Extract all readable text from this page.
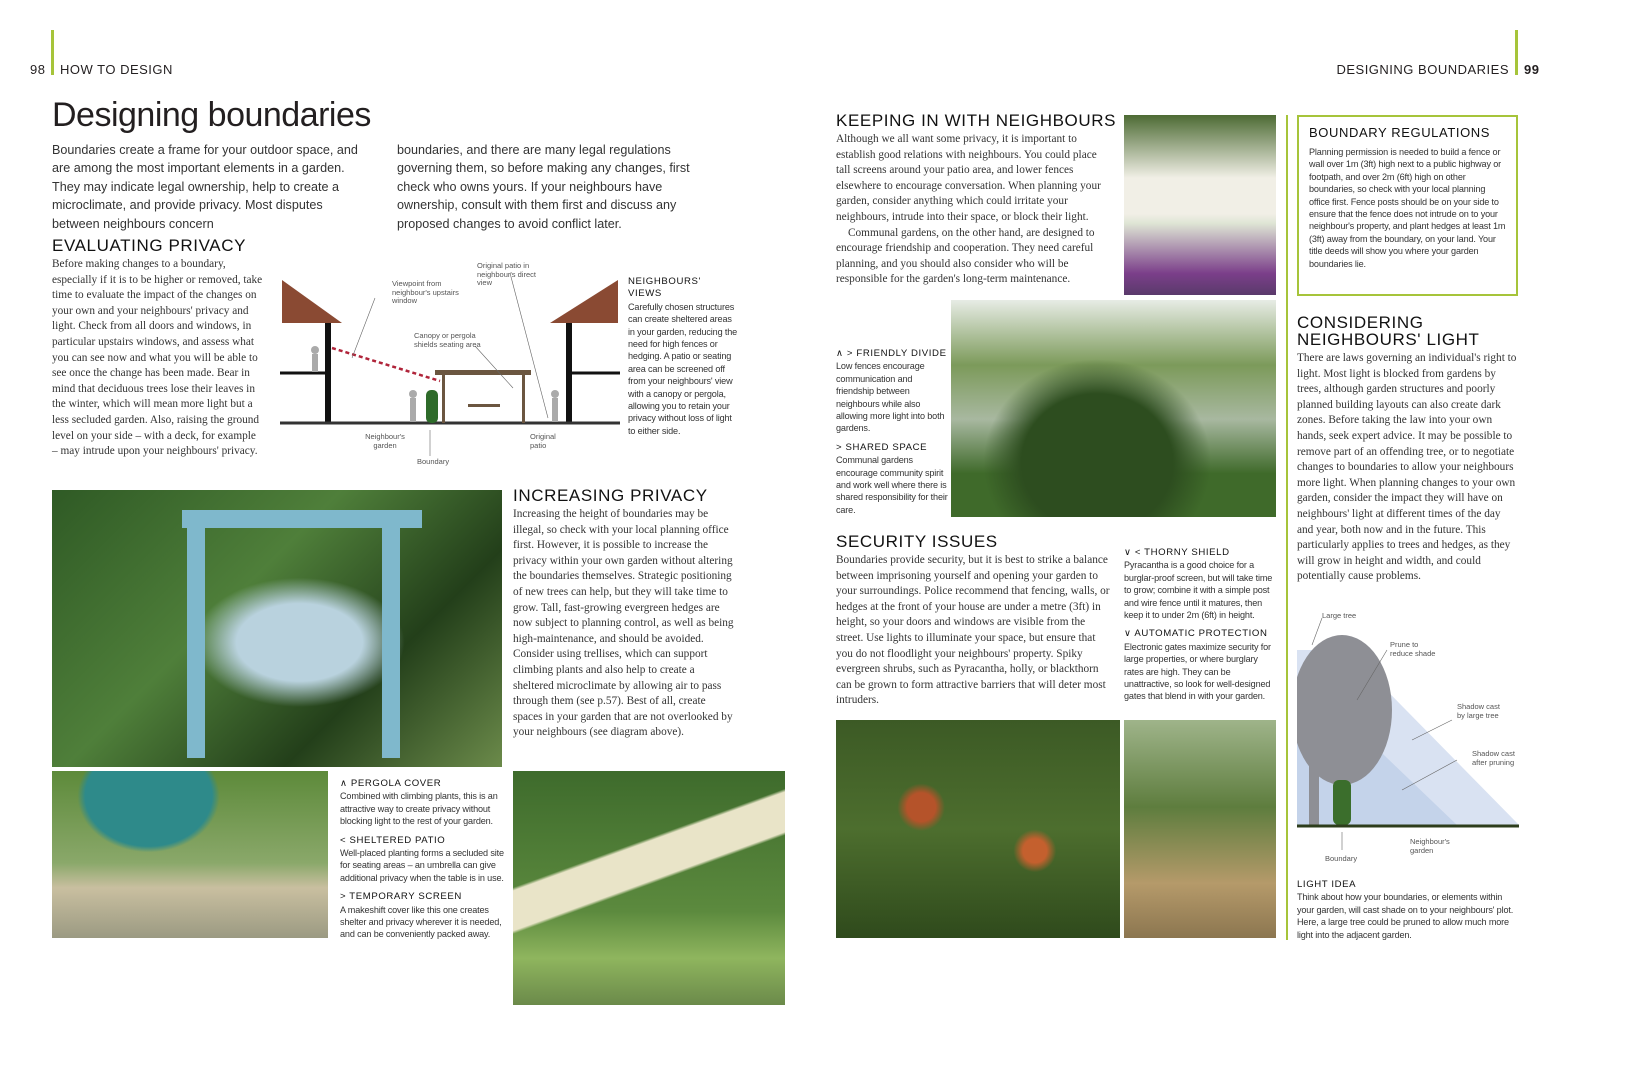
98 HOW TO DESIGN	DESIGNING BOUNDARIES 99
Designing boundaries

Boundaries create a frame for your outdoor space, and are among the most important elements in a garden. They may indicate legal ownership, help to create a microclimate, and provide privacy. Most disputes between neighbours concern

boundaries, and there are many legal regulations governing them, so before making any changes, first check who owns yours. If your neighbours have ownership, consult with them first and discuss any proposed changes to avoid conflict later.

EVALUATING PRIVACY
Before making changes to a boundary, especially if it is to be higher or removed, take time to evaluate the impact of the changes on your own and your neighbours' privacy and light. Check from all doors and windows, in particular upstairs windows, and assess what you can see now and what you will be able to see once the change has been made. Bear in mind that deciduous trees lose their leaves in the winter, which will mean more light but a less secluded garden. Also, raising the ground level on your side – with a deck, for example – may intrude upon your neighbours' privacy.
Viewpoint from neighbour's upstairs window
Original patio in neighbour's direct view
Canopy or pergola shields seating area
Neighbour's garden
Original patio
Boundary
NEIGHBOURS' VIEWS

Carefully chosen structures can create sheltered areas in your garden, reducing the need for high fences or hedging. A patio or seating area can be screened off from your neighbours' view with a canopy or pergola, allowing you to retain your privacy without loss of light to either side.

INCREASING PRIVACY
Increasing the height of boundaries may be illegal, so check with your local planning office first. However, it is possible to increase the privacy within your own garden without altering the boundaries themselves. Strategic positioning of new trees can help, but they will take time to grow. Tall, fast-growing evergreen hedges are now subject to planning control, as well as being high-maintenance, and should be avoided. Consider using trellises, which can support climbing plants and also help to create a sheltered microclimate by allowing air to pass through them (see p.57). Best of all, create spaces in your garden that are not overlooked by your neighbours (see diagram above).
∧ PERGOLA COVER

Combined with climbing plants, this is an attractive way to create privacy without blocking light to the rest of your garden.

< SHELTERED PATIO

Well-placed planting forms a secluded site for seating areas – an umbrella can give additional privacy when the table is in use.

> TEMPORARY SCREEN

A makeshift cover like this one creates shelter and privacy wherever it is needed, and can be conveniently packed away.

KEEPING IN WITH NEIGHBOURS

Although we all want some privacy, it is important to establish good relations with neighbours. You could place tall screens around your patio area, and lower fences elsewhere to encourage conversation. When planning your garden, consider anything which could irritate your neighbours, intrude into their space, or block their light.

Communal gardens, on the other hand, are designed to encourage friendship and cooperation. They need careful planning, and you should also consider who will be responsible for the garden's long-term maintenance.

∧ > FRIENDLY DIVIDE

Low fences encourage communication and friendship between neighbours while also allowing more light into both gardens.

> SHARED SPACE

Communal gardens encourage community spirit and work well where there is shared responsibility for their care.

SECURITY ISSUES
Boundaries provide security, but it is best to strike a balance between imprisoning yourself and opening your garden to your surroundings. Police recommend that fencing, walls, or hedges at the front of your house are under a metre (3ft) in height, so your doors and windows are visible from the street. Use lights to illuminate your space, but ensure that you do not floodlight your neighbours' property. Spiky evergreen shrubs, such as Pyracantha, holly, or blackthorn can be grown to form attractive barriers that will deter most intruders.
∨ < THORNY SHIELD

Pyracantha is a good choice for a burglar-proof screen, but will take time to grow; combine it with a simple post and wire fence until it matures, then keep it to under 2m (6ft) in height.

∨ AUTOMATIC PROTECTION

Electronic gates maximize security for large properties, or where burglary rates are high. They can be unattractive, so look for well-designed gates that blend in with your garden.

BOUNDARY REGULATIONS

Planning permission is needed to build a fence or wall over 1m (3ft) high next to a public highway or footpath, and over 2m (6ft) high on other boundaries, so check with your local planning office first. Fence posts should be on your side to ensure that the fence does not intrude on to your neighbour's property, and plant hedges at least 1m (3ft) away from the boundary, on your land. Your title deeds will show you where your garden boundaries lie.

CONSIDERING NEIGHBOURS' LIGHT
There are laws governing an individual's right to light. Most light is blocked from gardens by trees, although garden structures and poorly planned building layouts can also create dark zones. Before taking the law into your own hands, seek expert advice. It may be possible to remove part of an offending tree, or to negotiate changes to boundaries to allow your neighbours more light. When planning changes to your own garden, consider the impact they will have on neighbours' light at different times of the day and year, both now and in the future. This particularly applies to trees and hedges, as they will grow in height and width, and could potentially cause problems.
Large tree
Prune to reduce shade
Shadow cast by large tree
Shadow cast after pruning
Neighbour's garden
Boundary
LIGHT IDEA

Think about how your boundaries, or elements within your garden, will cast shade on to your neighbours' plot. Here, a large tree could be pruned to allow much more light into the adjacent garden.
